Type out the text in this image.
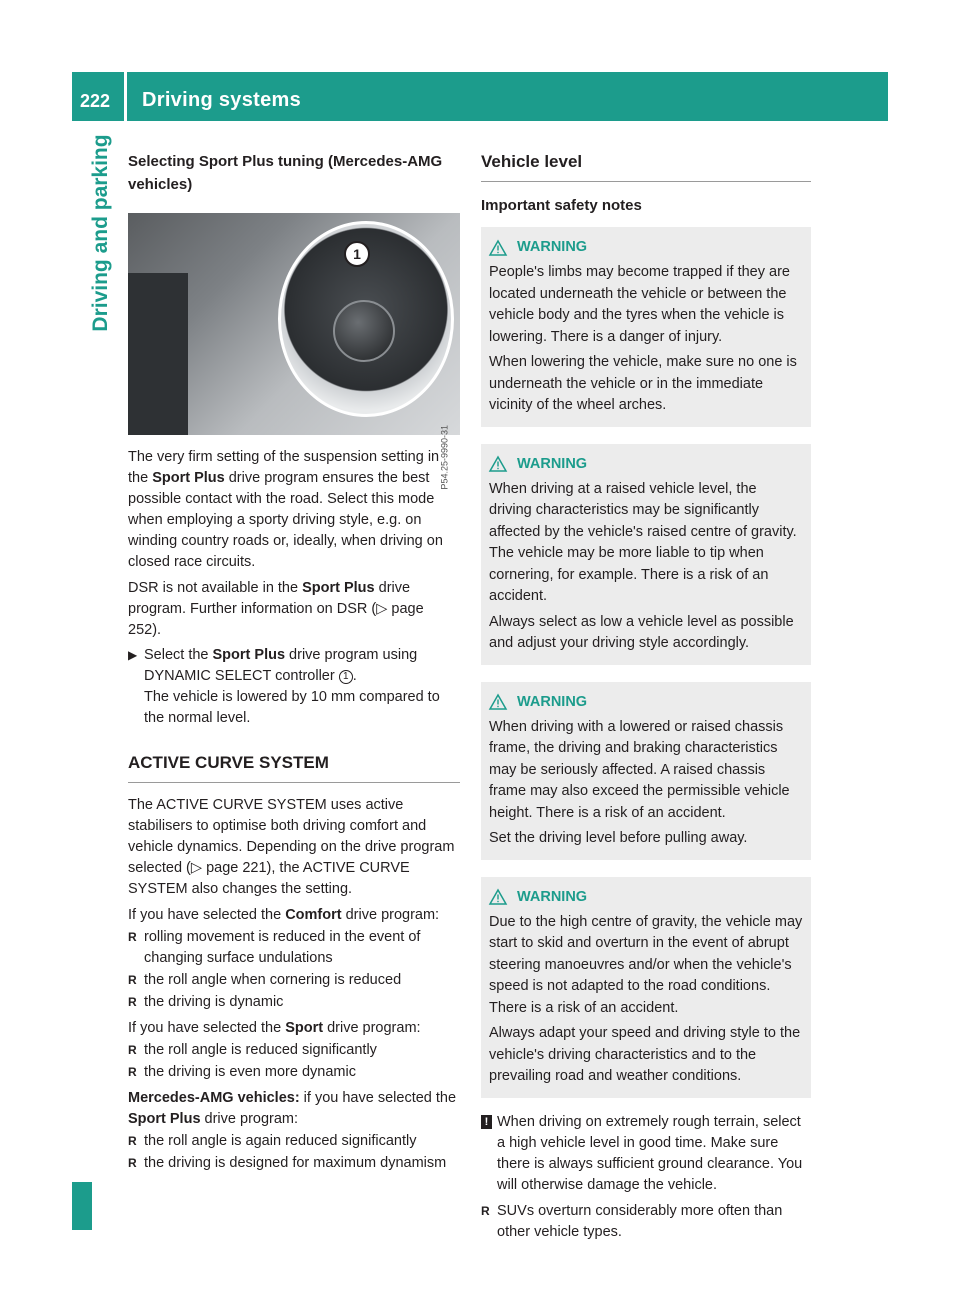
222 Driving systems
Driving and parking Selecting Sport Plus tuning (Mercedes-AMG vehicles)
1
P54.25-9990-31
The very firm setting of the suspension setting in the Sport Plus drive program ensures the best possible contact with the road. Select this mode when employing a sporty driving style, e.g. on winding country roads or, ideally, when driving on closed race circuits.
DSR is not available in the Sport Plus drive program. Further information on DSR (▷ page 252).
▶ Select the Sport Plus drive program using DYNAMIC SELECT controller 1 .
The vehicle is lowered by 10 mm compared to the normal level.
ACTIVE CURVE SYSTEM
The ACTIVE CURVE SYSTEM uses active stabilisers to optimise both driving comfort and vehicle dynamics. Depending on the drive program selected (▷ page 221), the ACTIVE CURVE SYSTEM also changes the setting.
If you have selected the Comfort drive program:
R rolling movement is reduced in the event of changing surface undulations
R the roll angle when cornering is reduced
R the driving is dynamic
If you have selected the Sport drive program:
R the roll angle is reduced significantly
R the driving is even more dynamic
Mercedes-AMG vehicles: if you have selected the Sport Plus drive program:
R the roll angle is again reduced significantly
R the driving is designed for maximum dynamism
Vehicle level
Important safety notes
WARNING
People's limbs may become trapped if they are located underneath the vehicle or between the vehicle body and the tyres when the vehicle is lowering. There is a danger of injury.
When lowering the vehicle, make sure no one is underneath the vehicle or in the immediate vicinity of the wheel arches.
WARNING
When driving at a raised vehicle level, the driving characteristics may be significantly affected by the vehicle's raised centre of gravity. The vehicle may be more liable to tip when cornering, for example. There is a risk of an accident.
Always select as low a vehicle level as possible and adjust your driving style accordingly.
WARNING
When driving with a lowered or raised chassis frame, the driving and braking characteristics may be seriously affected. A raised chassis frame may also exceed the permissible vehicle height. There is a risk of an accident.
Set the driving level before pulling away.
WARNING
Due to the high centre of gravity, the vehicle may start to skid and overturn in the event of abrupt steering manoeuvres and/or when the vehicle's speed is not adapted to the road conditions. There is a risk of an accident.
Always adapt your speed and driving style to the vehicle's driving characteristics and to the prevailing road and weather conditions.
! When driving on extremely rough terrain, select a high vehicle level in good time. Make sure there is always sufficient ground clearance. You will otherwise damage the vehicle.
R SUVs overturn considerably more often than other vehicle types.
